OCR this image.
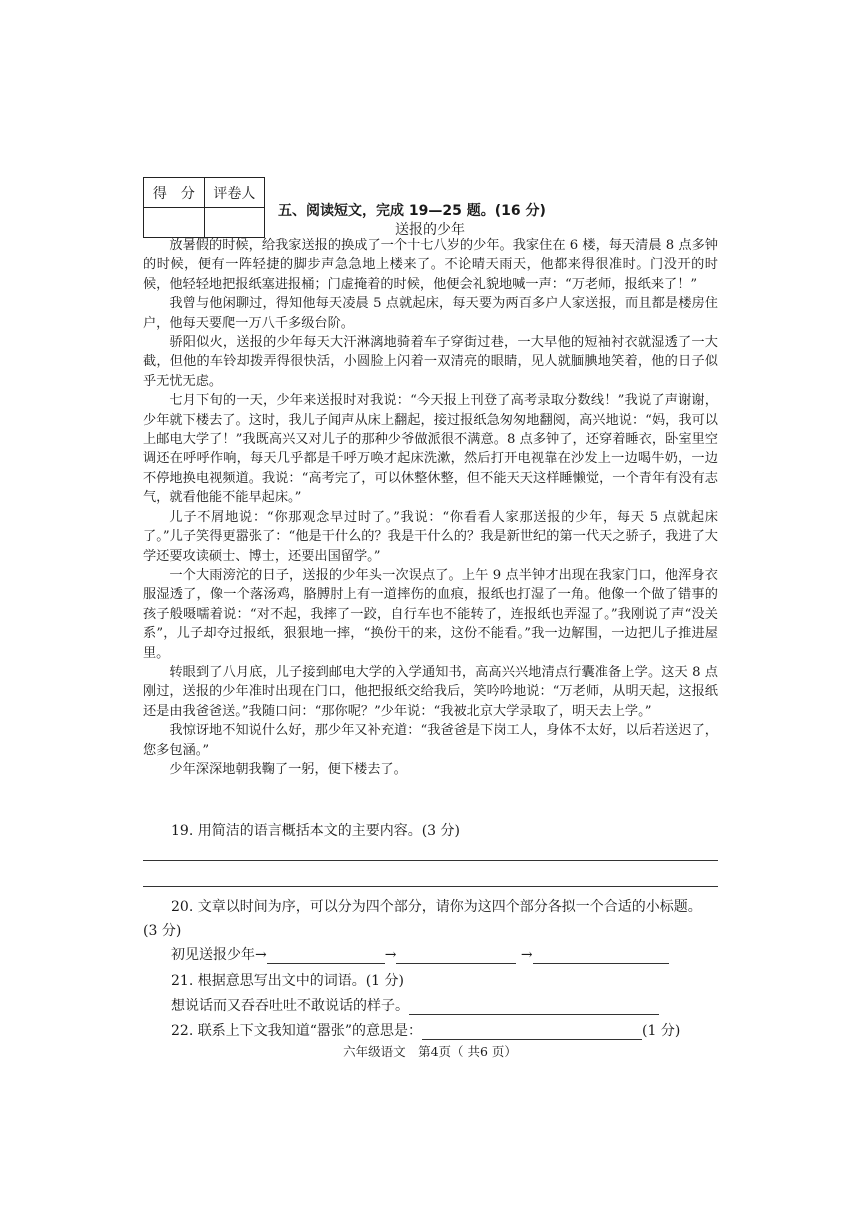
得　分	评卷人

五、阅读短文，完成 19—25 题。(16 分)
送报的少年

放暑假的时候，给我家送报的换成了一个十七八岁的少年。我家住在 6 楼，每天清晨 8 点多钟的时候，便有一阵轻捷的脚步声急急地上楼来了。不论晴天雨天，他都来得很准时。门没开的时候，他轻轻地把报纸塞进报桶；门虚掩着的时候，他便会礼貌地喊一声：“万老师，报纸来了！”

我曾与他闲聊过，得知他每天凌晨 5 点就起床，每天要为两百多户人家送报，而且都是楼房住户，他每天要爬一万八千多级台阶。

骄阳似火，送报的少年每天大汗淋漓地骑着车子穿街过巷，一大早他的短袖衬衣就湿透了一大截，但他的车铃却拨弄得很快活，小圆脸上闪着一双清亮的眼睛，见人就腼腆地笑着，他的日子似乎无忧无虑。

七月下旬的一天，少年来送报时对我说：“今天报上刊登了高考录取分数线！”我说了声谢谢，少年就下楼去了。这时，我儿子闻声从床上翻起，接过报纸急匆匆地翻阅，高兴地说：“妈，我可以上邮电大学了！”我既高兴又对儿子的那种少爷做派很不满意。8 点多钟了，还穿着睡衣，卧室里空调还在呼呼作响，每天几乎都是千呼万唤才起床洗漱，然后打开电视靠在沙发上一边喝牛奶，一边不停地换电视频道。我说：“高考完了，可以休整休整，但不能天天这样睡懒觉，一个青年有没有志气，就看他能不能早起床。”

儿子不屑地说：“你那观念早过时了。”我说：“你看看人家那送报的少年，每天 5 点就起床了。”儿子笑得更嚣张了：“他是干什么的？我是干什么的？我是新世纪的第一代天之骄子，我进了大学还要攻读硕士、博士，还要出国留学。”

一个大雨滂沱的日子，送报的少年头一次误点了。上午 9 点半钟才出现在我家门口，他浑身衣服湿透了，像一个落汤鸡，胳膊肘上有一道摔伤的血痕，报纸也打湿了一角。他像一个做了错事的孩子般嗫嚅着说：“对不起，我摔了一跤，自行车也不能转了，连报纸也弄湿了。”我刚说了声“没关系”，儿子却夺过报纸，狠狠地一摔，“换份干的来，这份不能看。”我一边解围，一边把儿子推进屋里。

转眼到了八月底，儿子接到邮电大学的入学通知书，高高兴兴地清点行囊准备上学。这天 8 点刚过，送报的少年准时出现在门口，他把报纸交给我后，笑吟吟地说：“万老师，从明天起，这报纸还是由我爸爸送。”我随口问：“那你呢？”少年说：“我被北京大学录取了，明天去上学。”

我惊讶地不知说什么好，那少年又补充道：“我爸爸是下岗工人，身体不太好，以后若送迟了，您多包涵。”

少年深深地朝我鞠了一躬，便下楼去了。

19. 用简洁的语言概括本文的主要内容。(3 分)
20. 文章以时间为序，可以分为四个部分，请你为这四个部分各拟一个合适的小标题。
(3 分)
初见送报少年→	→	→
21. 根据意思写出文中的词语。(1 分)
想说话而又吞吞吐吐不敢说话的样子。
22. 联系上下文我知道“嚣张”的意思是：	(1 分)
六年级语文　第4页（ 共6 页）
